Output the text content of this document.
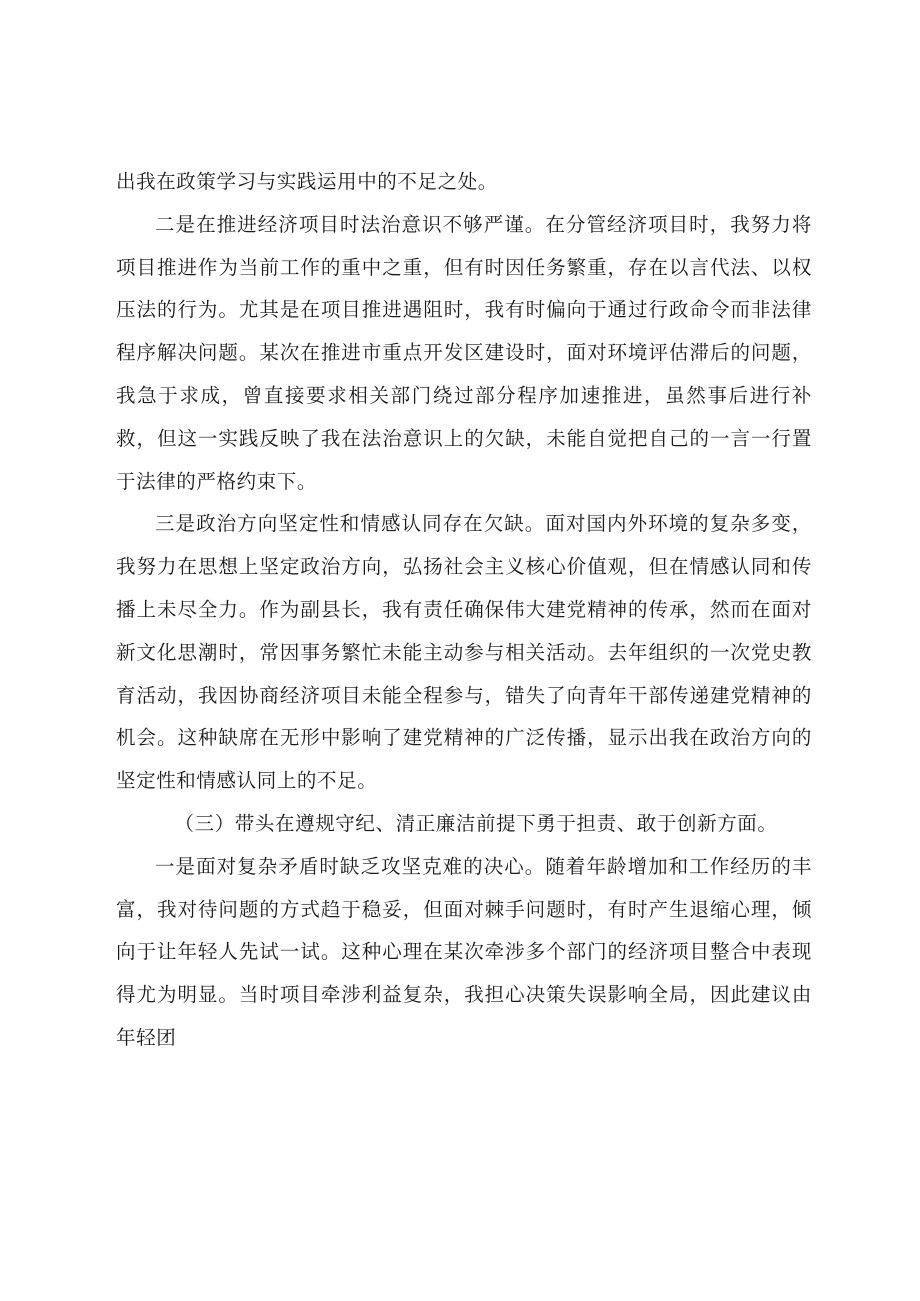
出我在政策学习与实践运用中的不足之处。

二是在推进经济项目时法治意识不够严谨。在分管经济项目时，我努力将项目推进作为当前工作的重中之重，但有时因任务繁重，存在以言代法、以权压法的行为。尤其是在项目推进遇阻时，我有时偏向于通过行政命令而非法律程序解决问题。某次在推进市重点开发区建设时，面对环境评估滞后的问题，我急于求成，曾直接要求相关部门绕过部分程序加速推进，虽然事后进行补救，但这一实践反映了我在法治意识上的欠缺，未能自觉把自己的一言一行置于法律的严格约束下。

三是政治方向坚定性和情感认同存在欠缺。面对国内外环境的复杂多变，我努力在思想上坚定政治方向，弘扬社会主义核心价值观，但在情感认同和传播上未尽全力。作为副县长，我有责任确保伟大建党精神的传承，然而在面对新文化思潮时，常因事务繁忙未能主动参与相关活动。去年组织的一次党史教育活动，我因协商经济项目未能全程参与，错失了向青年干部传递建党精神的机会。这种缺席在无形中影响了建党精神的广泛传播，显示出我在政治方向的坚定性和情感认同上的不足。

（三）带头在遵规守纪、清正廉洁前提下勇于担责、敢于创新方面。

一是面对复杂矛盾时缺乏攻坚克难的决心。随着年龄增加和工作经历的丰富，我对待问题的方式趋于稳妥，但面对棘手问题时，有时产生退缩心理，倾向于让年轻人先试一试。这种心理在某次牵涉多个部门的经济项目整合中表现得尤为明显。当时项目牵涉利益复杂，我担心决策失误影响全局，因此建议由年轻团
